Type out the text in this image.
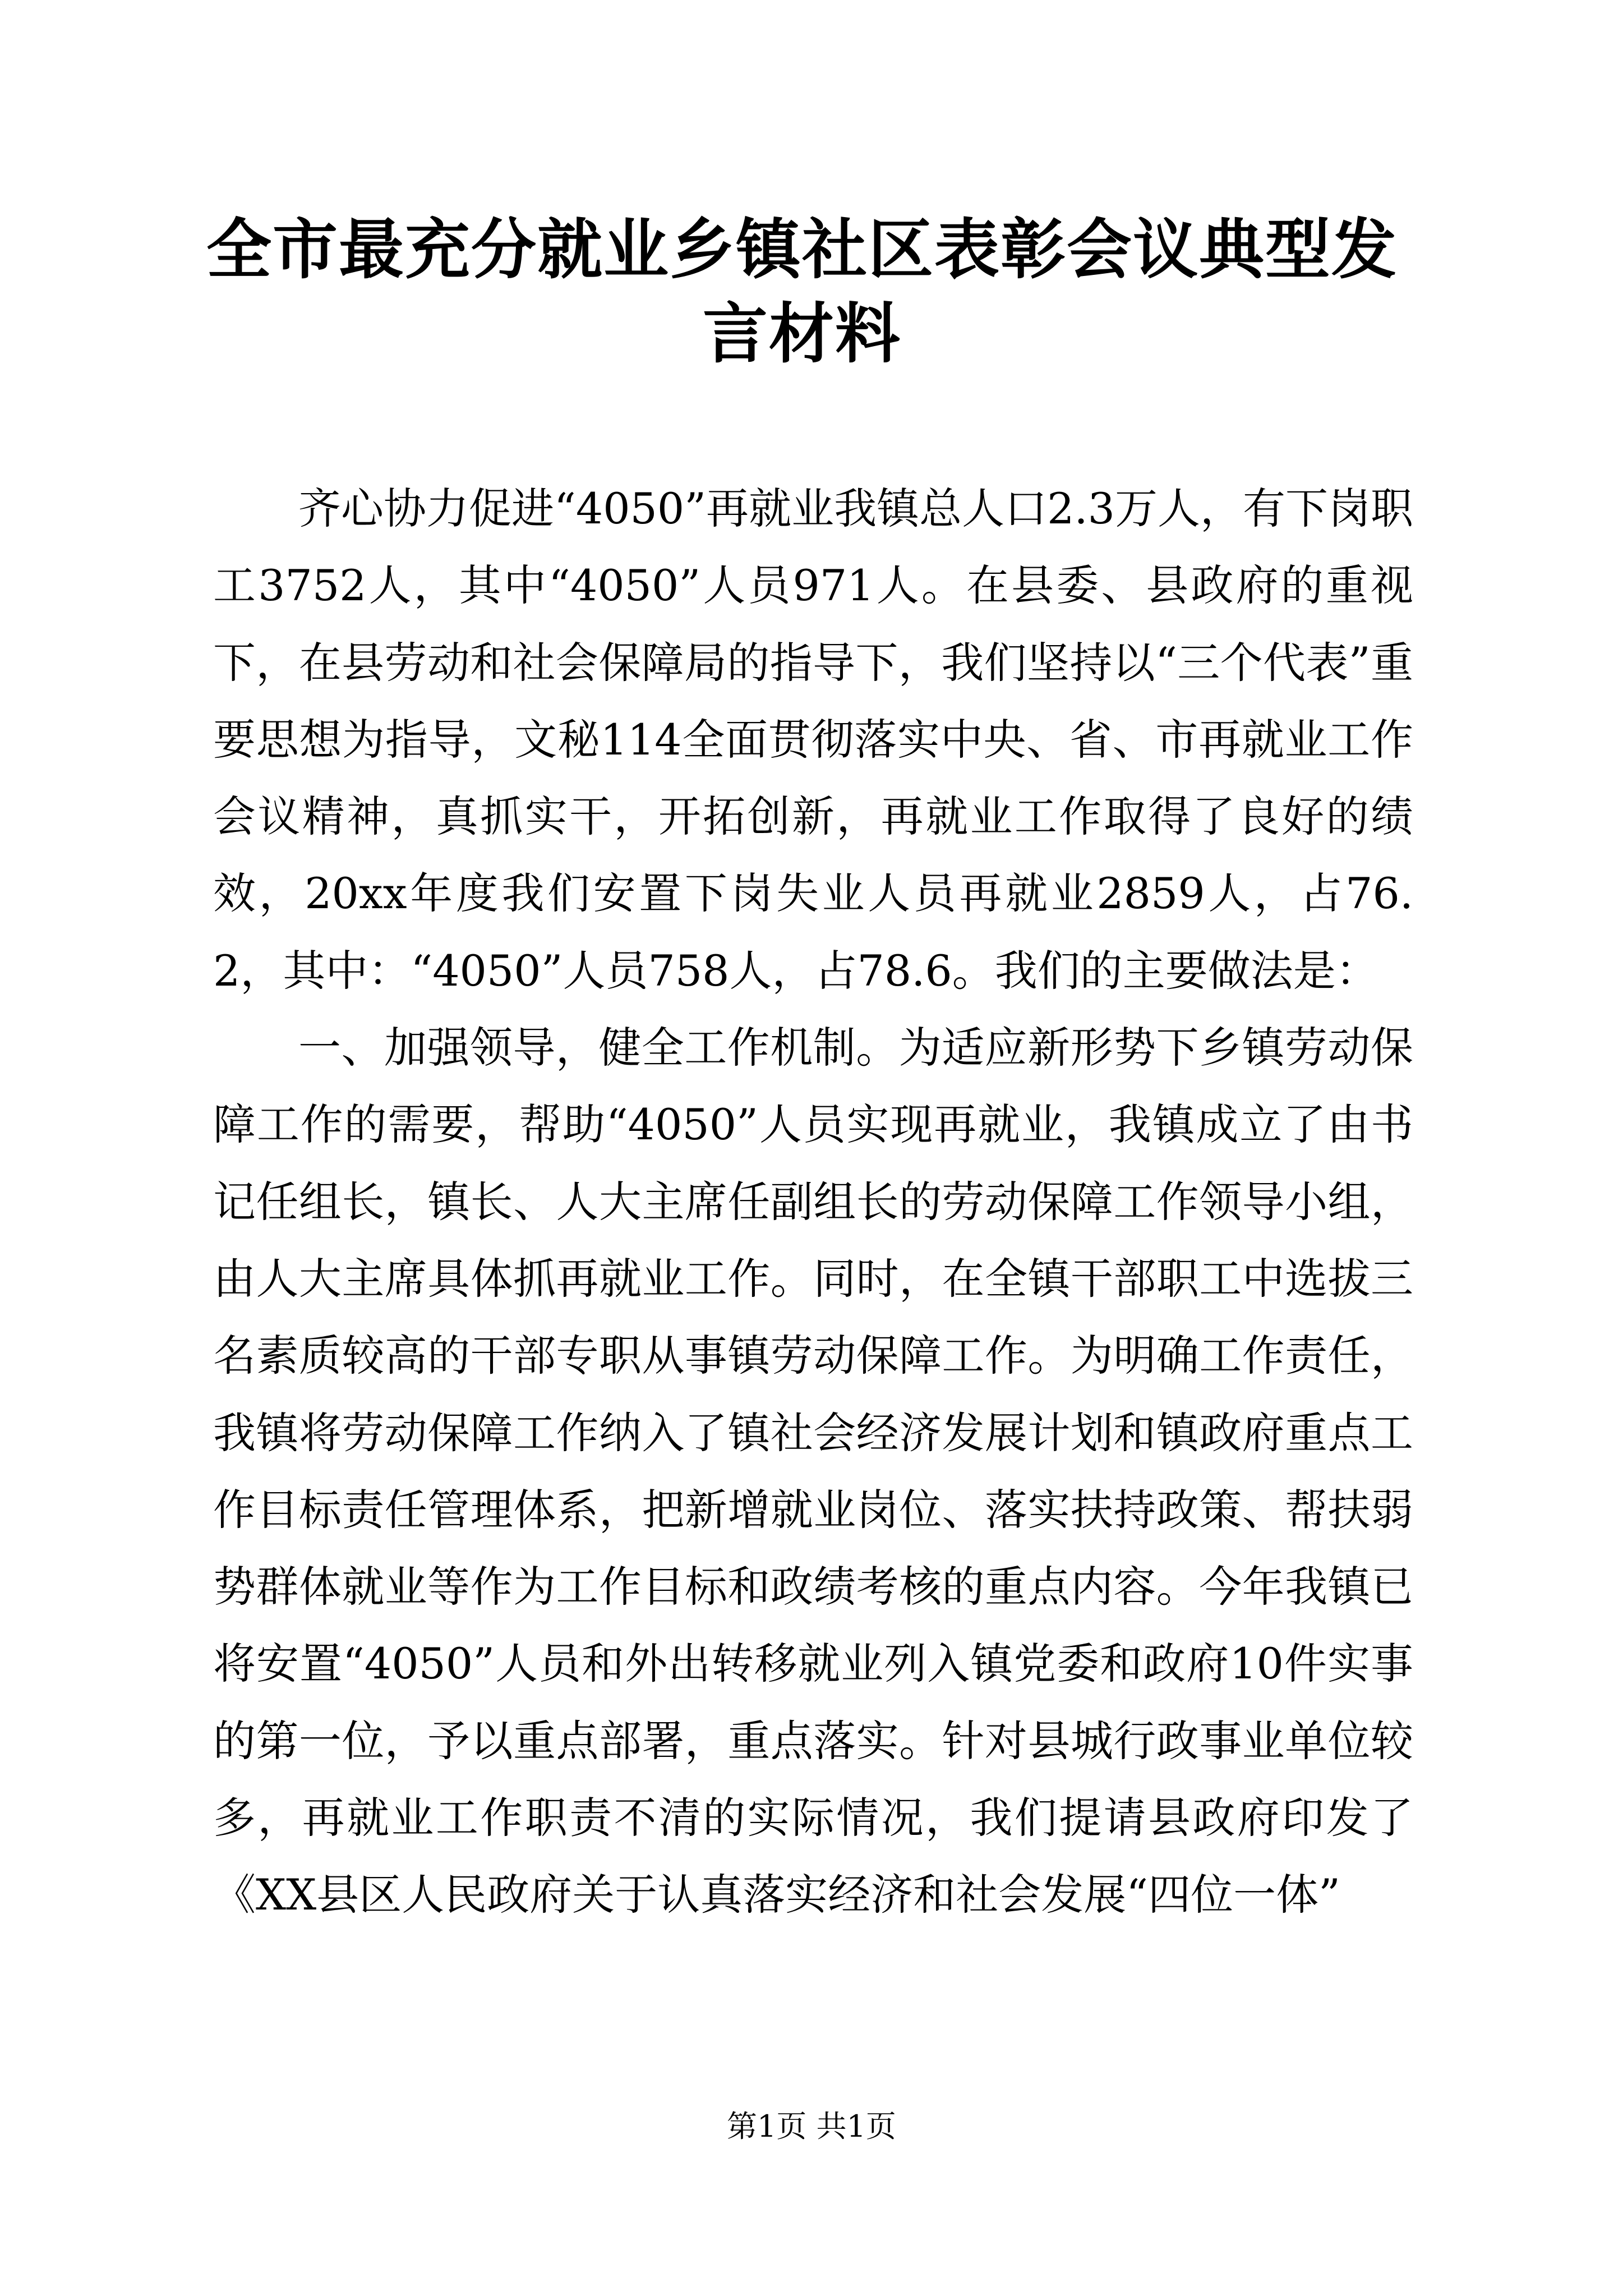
全市最充分就业乡镇社区表彰会议典型发言材料

齐心协力促进“4050”再就业我镇总人口2.3万人，有下岗职工3752人，其中“4050”人员971人。在县委、县政府的重视下，在县劳动和社会保障局的指导下，我们坚持以“三个代表”重要思想为指导，文秘114全面贯彻落实中央、省、市再就业工作会议精神，真抓实干，开拓创新，再就业工作取得了良好的绩效，20xx年度我们安置下岗失业人员再就业2859人，占76.2，其中：“4050”人员758人，占78.6。我们的主要做法是：

一、加强领导，健全工作机制。为适应新形势下乡镇劳动保障工作的需要，帮助“4050”人员实现再就业，我镇成立了由书记任组长，镇长、人大主席任副组长的劳动保障工作领导小组，由人大主席具体抓再就业工作。同时，在全镇干部职工中选拔三名素质较高的干部专职从事镇劳动保障工作。为明确工作责任，我镇将劳动保障工作纳入了镇社会经济发展计划和镇政府重点工作目标责任管理体系，把新增就业岗位、落实扶持政策、帮扶弱势群体就业等作为工作目标和政绩考核的重点内容。今年我镇已将安置“4050”人员和外出转移就业列入镇党委和政府10件实事的第一位，予以重点部署，重点落实。针对县城行政事业单位较多，再就业工作职责不清的实际情况，我们提请县政府印发了《XX县区人民政府关于认真落实经济和社会发展“四位一体”

第1页 共1页
